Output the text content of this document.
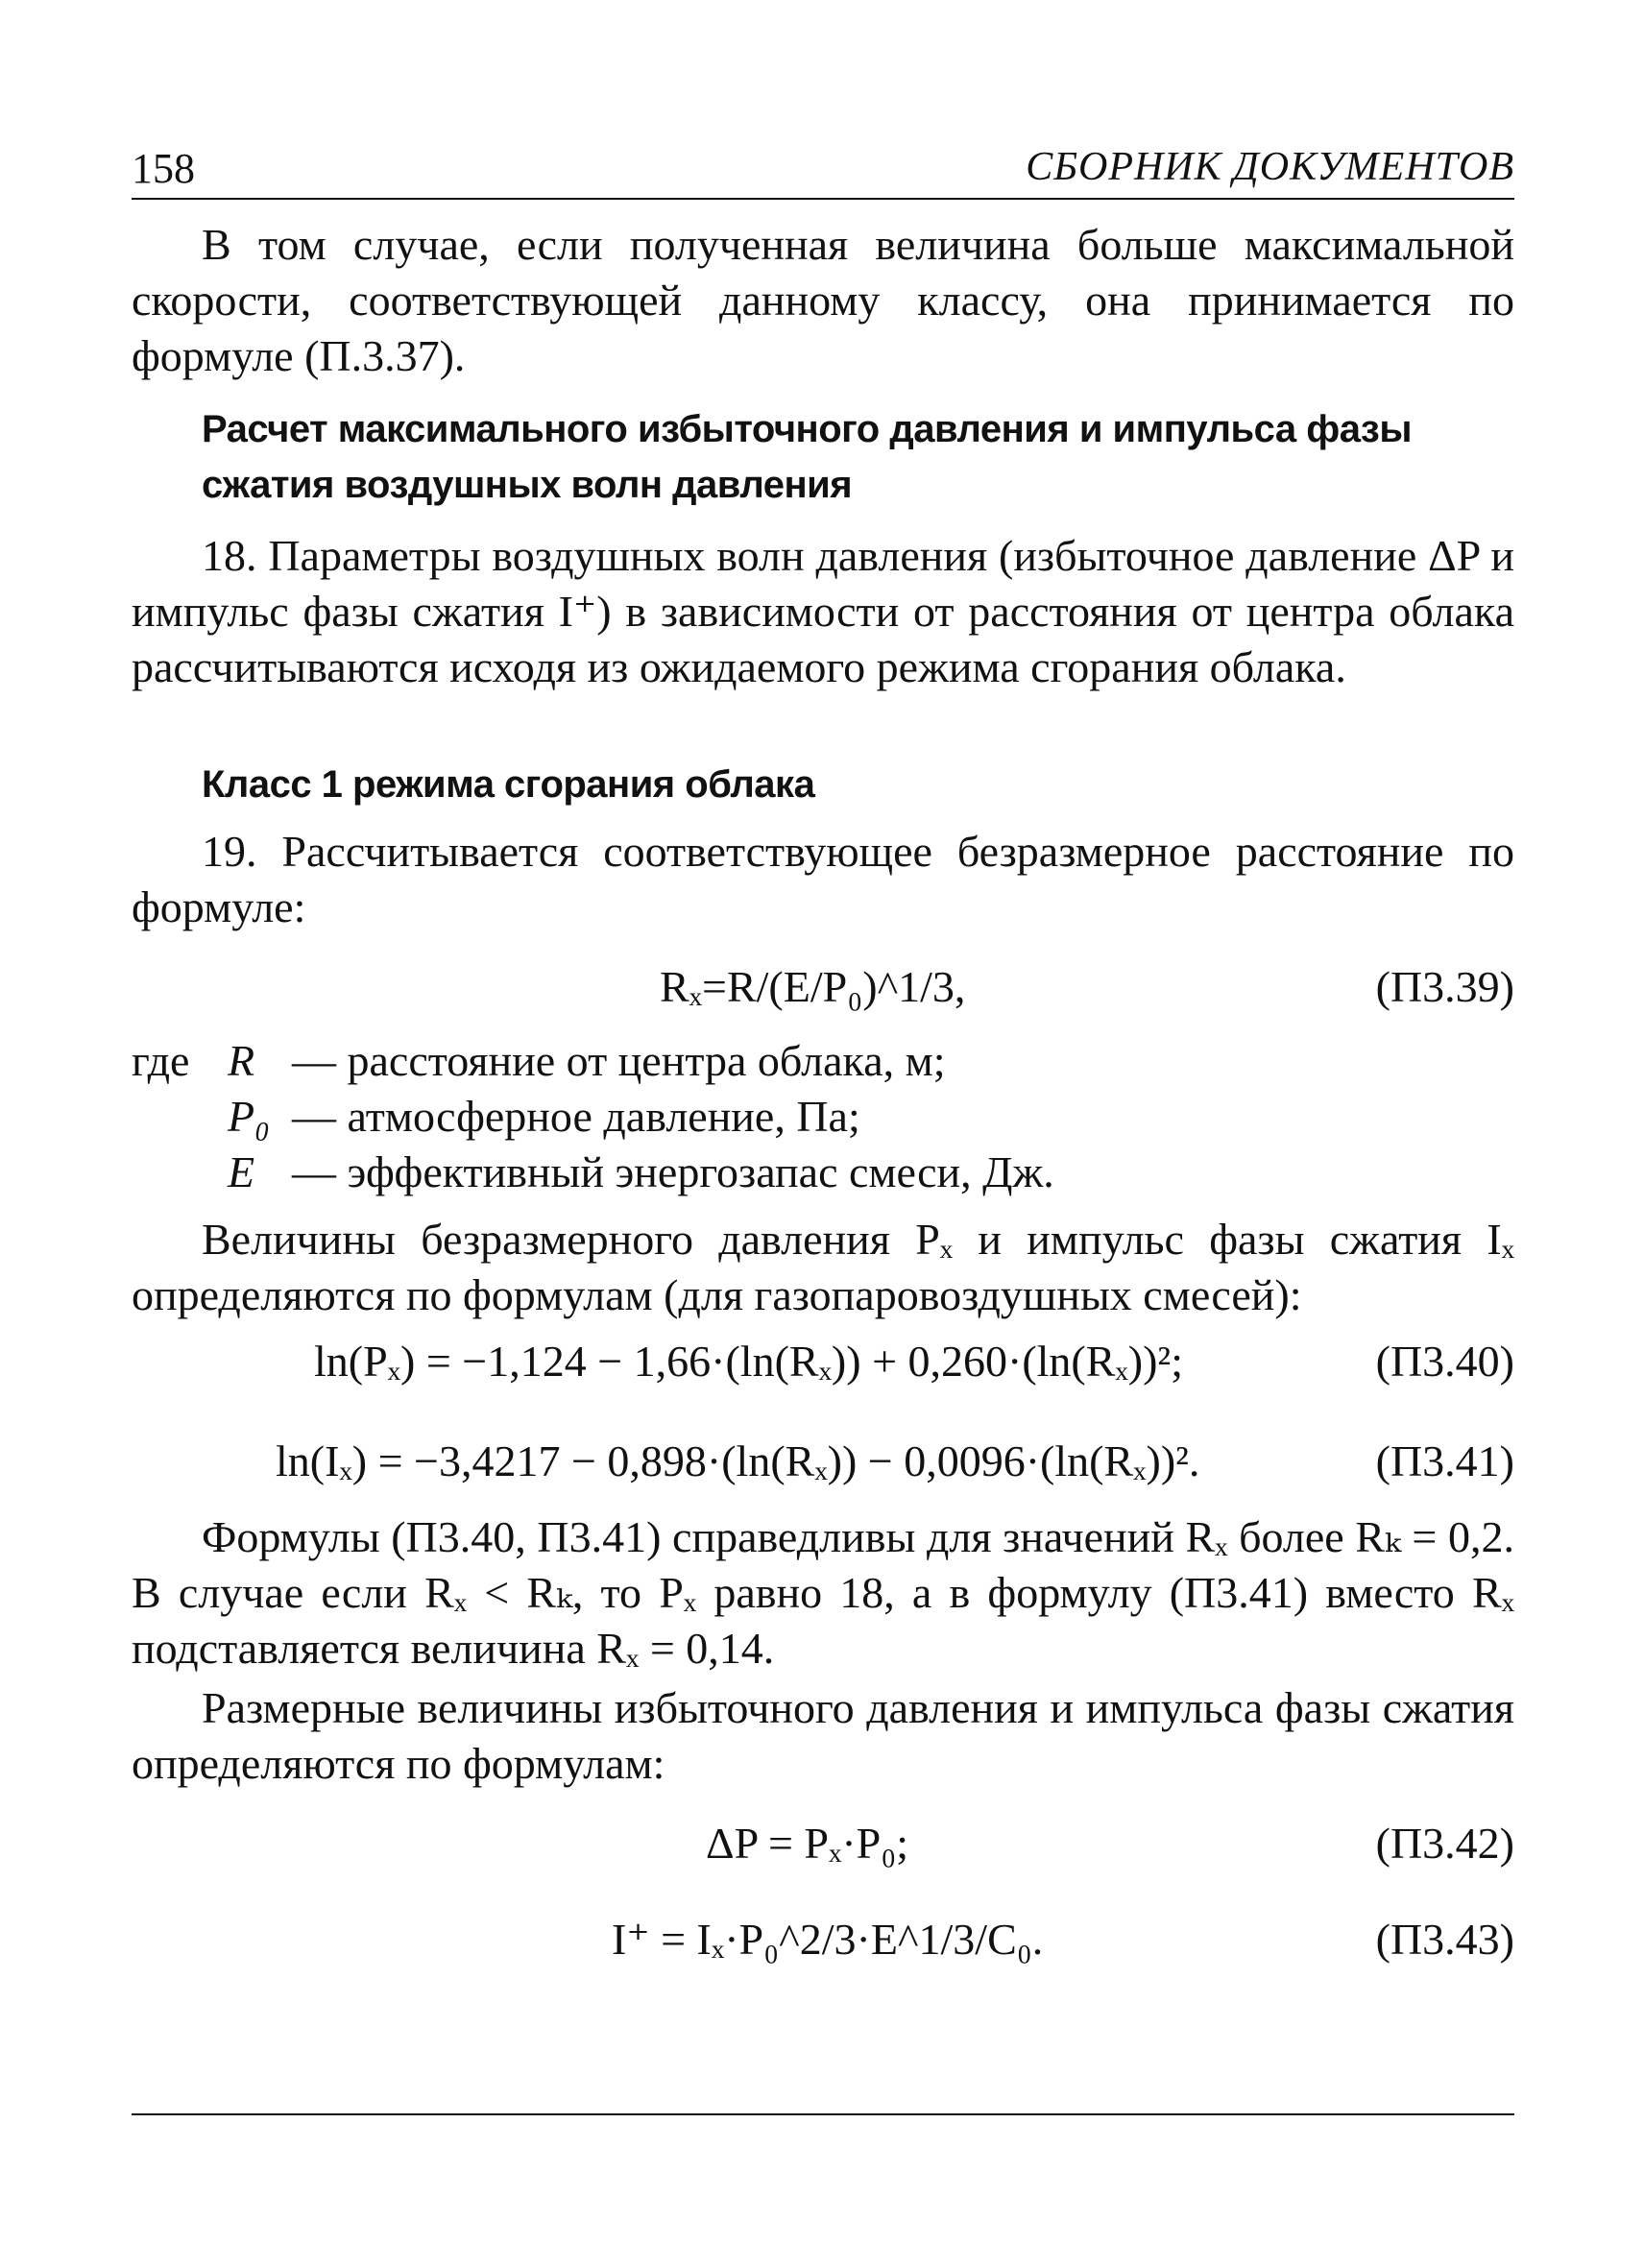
158	СБОРНИК ДОКУМЕНТОВ

В том случае, если полученная величина больше максимальной скорости, соответствующей данному классу, она принимается по формуле (П.3.37).

Расчет максимального избыточного давления и импульса фазы сжатия воздушных волн давления

18. Параметры воздушных волн давления (избыточное давление ΔP и импульс фазы сжатия I⁺) в зависимости от расстояния от центра облака рассчитываются исходя из ожидаемого режима сгорания облака.

Класс 1 режима сгорания облака

19. Рассчитывается соответствующее безразмерное расстояние по формуле:

Rₓ=R/(E/P₀)^1/3,	(П3.39)
где R — расстояние от центра облака, м;
P₀ — атмосферное давление, Па;
E — эффективный энергозапас смеси, Дж.

Величины безразмерного давления Pₓ и импульс фазы сжатия Iₓ определяются по формулам (для газопаровоздушных смесей):

ln(Pₓ) = −1,124 − 1,66·(ln(Rₓ)) + 0,260·(ln(Rₓ))²;	(П3.40)
ln(Iₓ) = −3,4217 − 0,898·(ln(Rₓ)) − 0,0096·(ln(Rₓ))².	(П3.41)

Формулы (П3.40, П3.41) справедливы для значений Rₓ более Rₖ = 0,2. В случае если Rₓ < Rₖ, то Pₓ равно 18, а в формулу (П3.41) вместо Rₓ подставляется величина Rₓ = 0,14.

Размерные величины избыточного давления и импульса фазы сжатия определяются по формулам:

ΔP = Pₓ·P₀;	(П3.42)
I⁺ = Iₓ·P₀^2/3·E^1/3/C₀.	(П3.43)
